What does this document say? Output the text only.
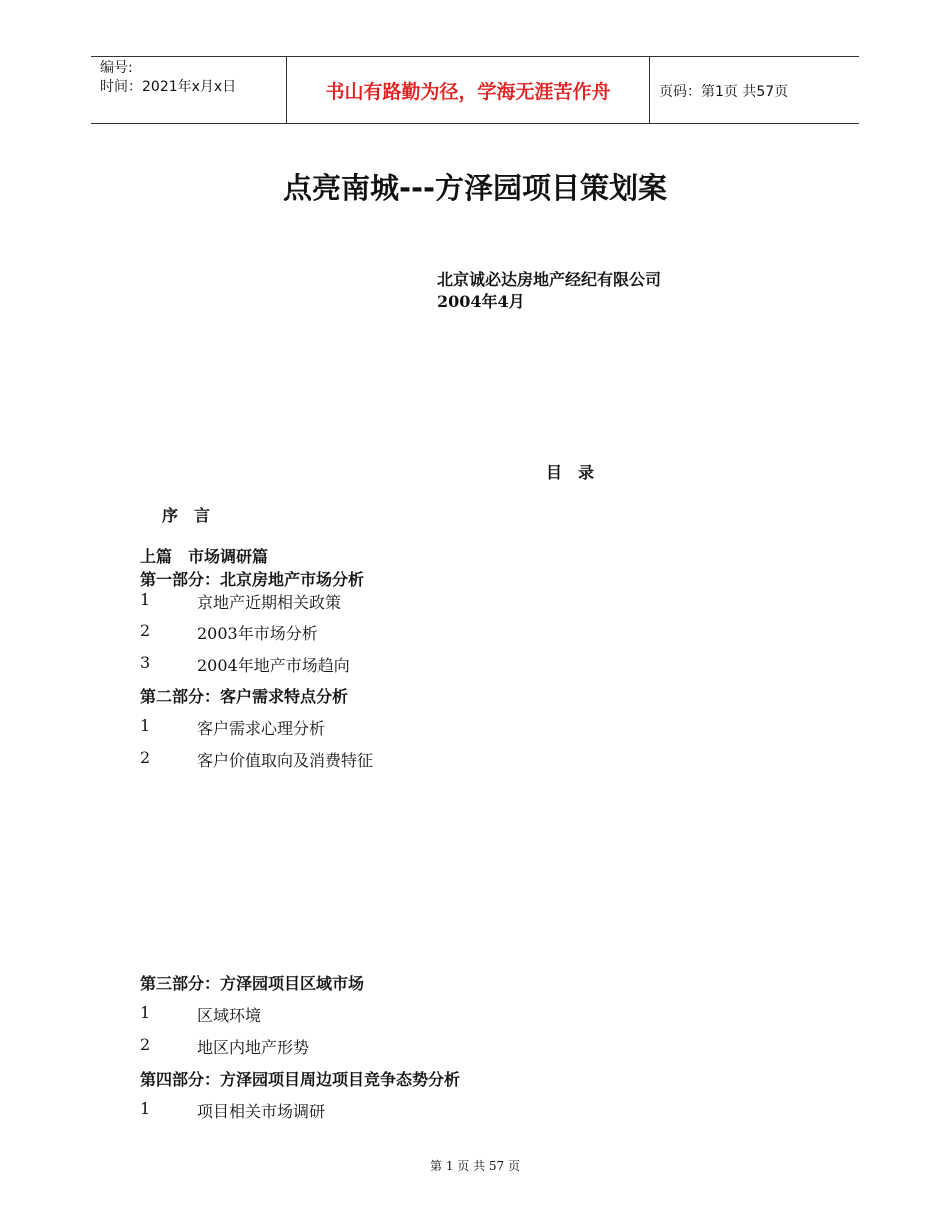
编号:
时间：2021年x月x日	书山有路勤为径，学海无涯苦作舟	页码：第1页 共57页
点亮南城---方泽园项目策划案
北京诚必达房地产经纪有限公司
2004年4月
目　录
序　言
上篇　市场调研篇
第一部分：北京房地产市场分析
1	京地产近期相关政策
2	2003年市场分析
3	2004年地产市场趋向
第二部分：客户需求特点分析
1	客户需求心理分析
2	客户价值取向及消费特征
第三部分：方泽园项目区域市场
1	区域环境
2	地区内地产形势
第四部分：方泽园项目周边项目竞争态势分析
1	项目相关市场调研
第 1 页 共 57 页
